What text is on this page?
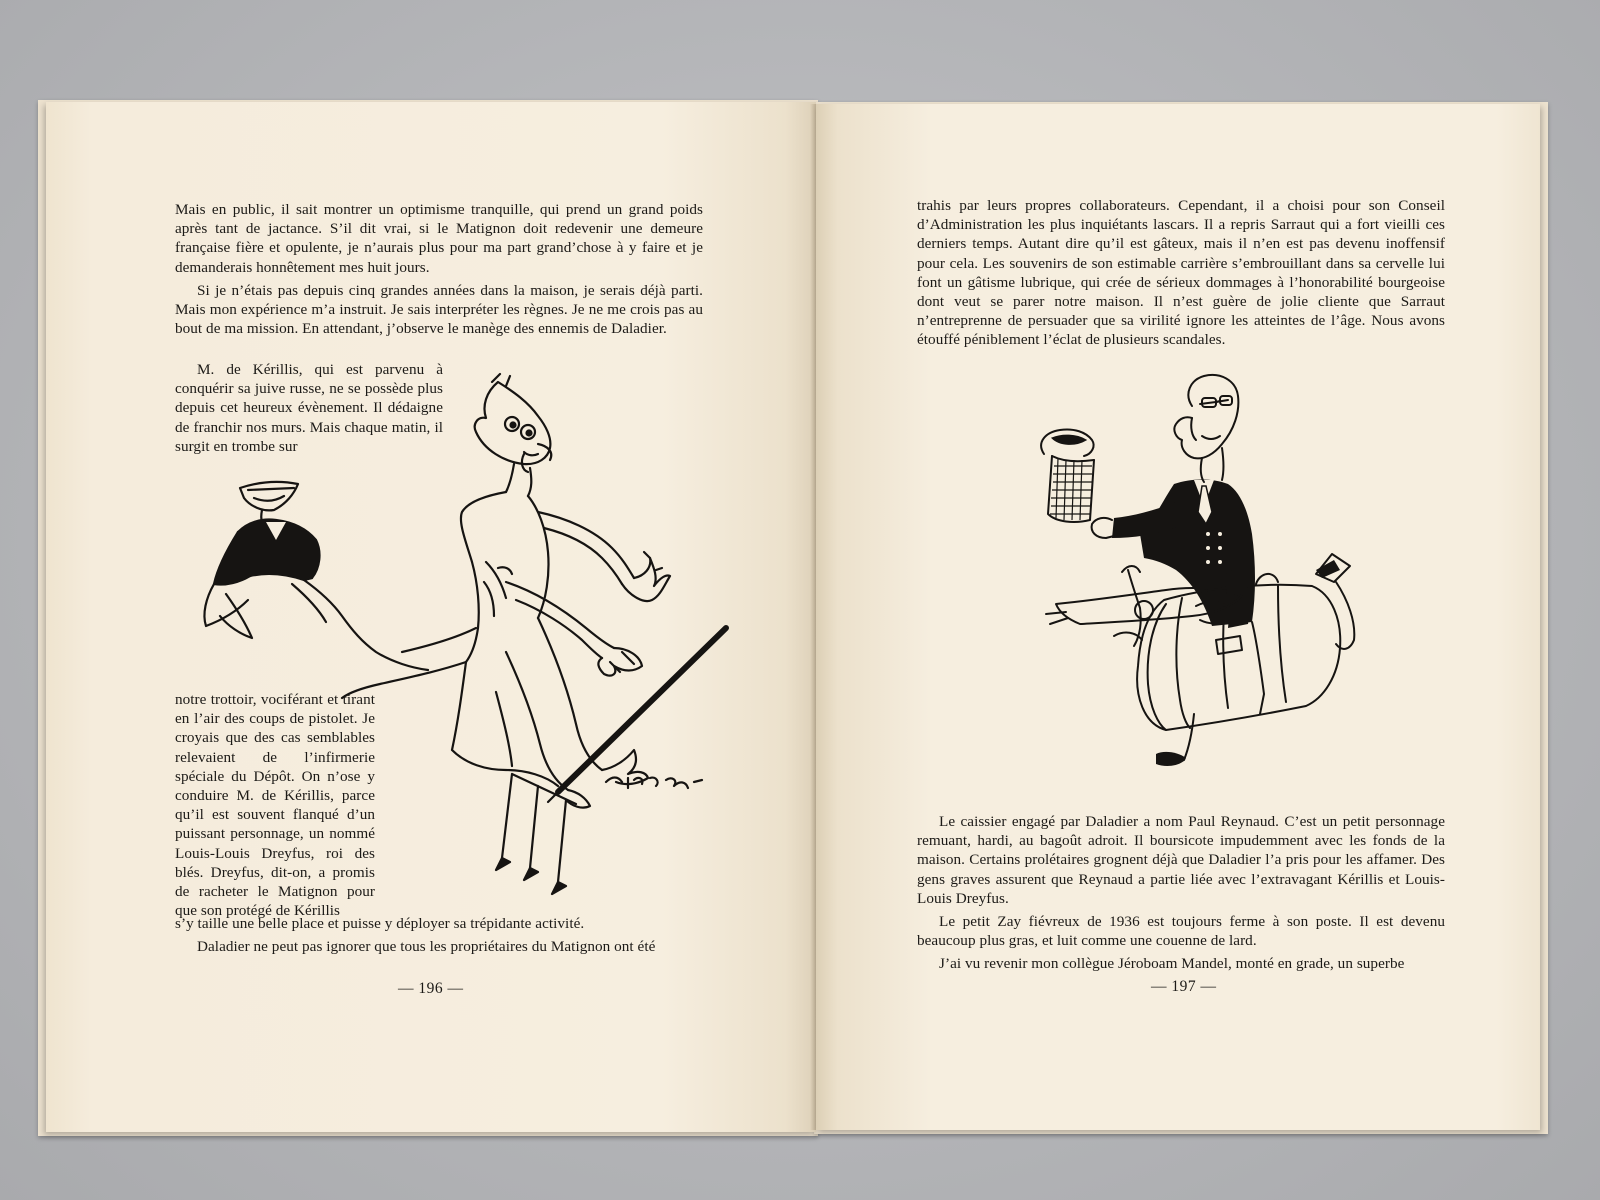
Mais en public, il sait montrer un optimisme tranquille, qui prend un grand poids après tant de jactance. S’il dit vrai, si le Matignon doit redevenir une demeure française fière et opulente, je n’aurais plus pour ma part grand’chose à y faire et je demanderais honnêtement mes huit jours.

Si je n’étais pas depuis cinq grandes années dans la maison, je serais déjà parti. Mais mon expérience m’a instruit. Je sais interpréter les règnes. Je ne me crois pas au bout de ma mission. En attendant, j’observe le manège des ennemis de Daladier.

M. de Kérillis, qui est parvenu à conquérir sa juive russe, ne se possède plus depuis cet heureux évènement. Il dédaigne de franchir nos murs. Mais chaque matin, il surgit en trombe sur

notre trottoir, vociférant et tirant en l’air des coups de pistolet. Je croyais que des cas semblables relevaient de l’infirmerie spéciale du Dépôt. On n’ose y conduire M. de Kérillis, parce qu’il est souvent flanqué d’un puissant personnage, un nommé Louis-Louis Dreyfus, roi des blés. Dreyfus, dit-on, a promis de racheter le Matignon pour que son protégé de Kérillis

s’y taille une belle place et puisse y déployer sa trépidante activité.

Daladier ne peut pas ignorer que tous les propriétaires du Matignon ont été

— 196 —

trahis par leurs propres collaborateurs. Cependant, il a choisi pour son Conseil d’Administration les plus inquiétants lascars. Il a repris Sarraut qui a fort vieilli ces derniers temps. Autant dire qu’il est gâteux, mais il n’en est pas devenu inoffensif pour cela. Les souvenirs de son estimable carrière s’embrouillant dans sa cervelle lui font un gâtisme lubrique, qui crée de sérieux dommages à l’honorabilité bourgeoise dont veut se parer notre maison. Il n’est guère de jolie cliente que Sarraut n’entreprenne de persuader que sa virilité ignore les atteintes de l’âge. Nous avons étouffé péniblement l’éclat de plusieurs scandales.

Le caissier engagé par Daladier a nom Paul Reynaud. C’est un petit personnage remuant, hardi, au bagoût adroit. Il boursicote impudemment avec les fonds de la maison. Certains prolétaires grognent déjà que Daladier l’a pris pour les affamer. Des gens graves assurent que Reynaud a partie liée avec l’extravagant Kérillis et Louis-Louis Dreyfus.

Le petit Zay fiévreux de 1936 est toujours ferme à son poste. Il est devenu beaucoup plus gras, et luit comme une couenne de lard.

J’ai vu revenir mon collègue Jéroboam Mandel, monté en grade, un superbe

— 197 —
